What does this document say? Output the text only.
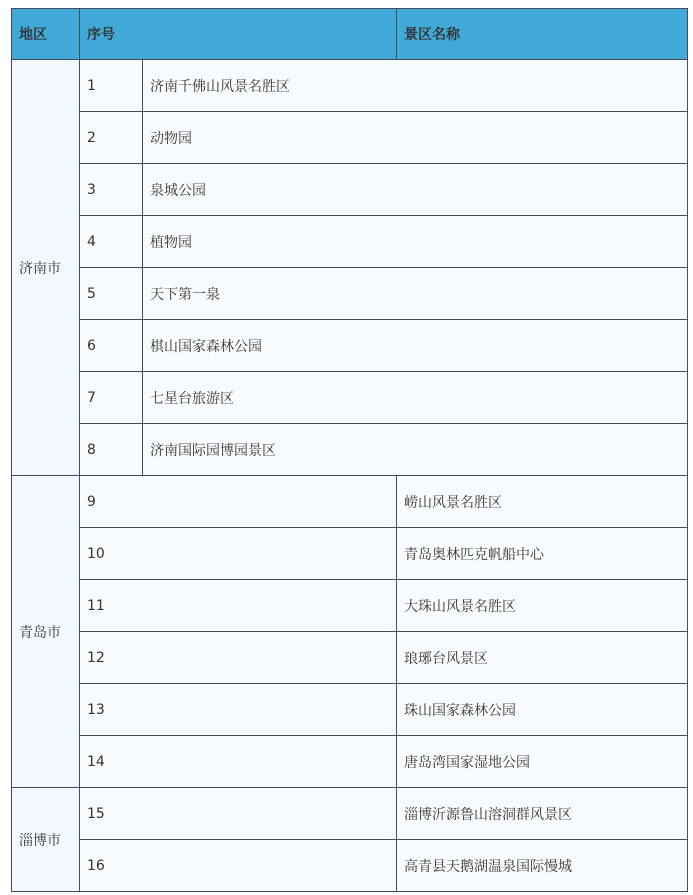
地区	序号		景区名称
济南市	1	济南千佛山风景名胜区	
	2	动物园	
	3	泉城公园	
	4	植物园	
	5	天下第一泉	
	6	棋山国家森林公园	
	7	七星台旅游区	
	8	济南国际园博园景区	
青岛市	9		崂山风景名胜区
	10		青岛奥林匹克帆船中心
	11		大珠山风景名胜区
	12		琅琊台风景区
	13		珠山国家森林公园
	14		唐岛湾国家湿地公园
淄博市	15		淄博沂源鲁山溶洞群风景区
	16		高青县天鹅湖温泉国际慢城
